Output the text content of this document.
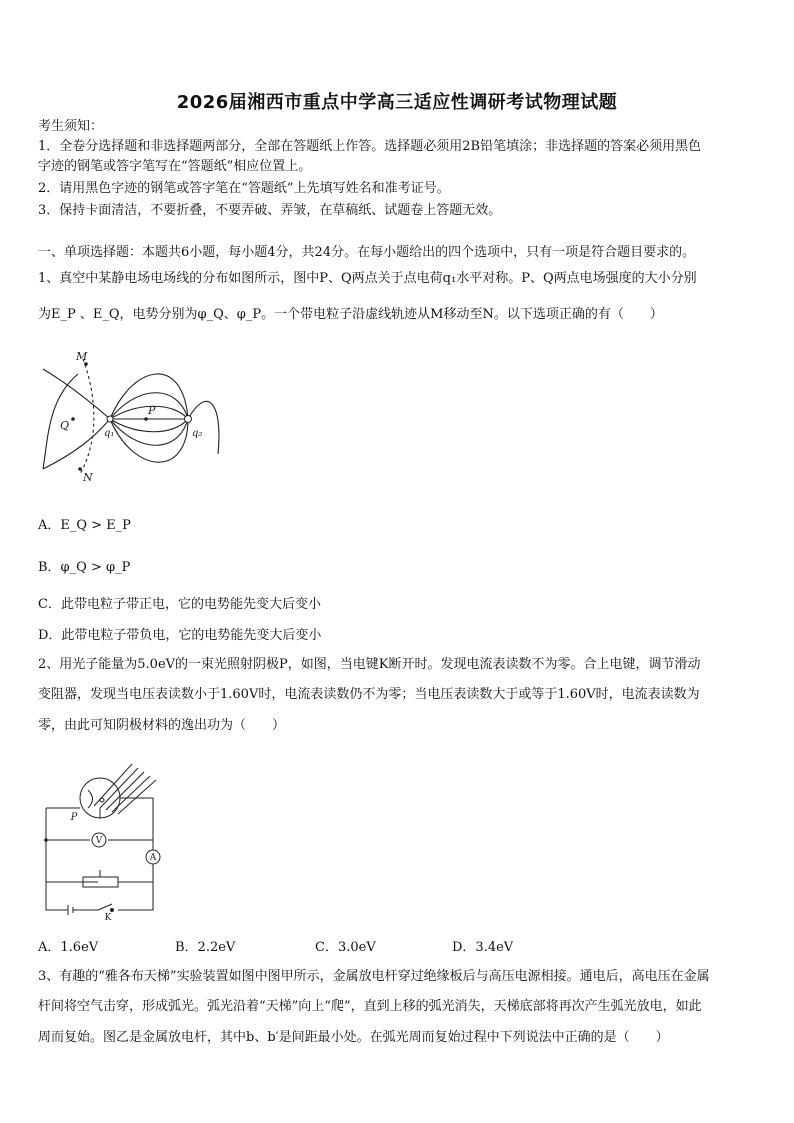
2026届湘西市重点中学高三适应性调研考试物理试题
考生须知：
1．全卷分选择题和非选择题两部分，全部在答题纸上作答。选择题必须用2B铅笔填涂；非选择题的答案必须用黑色
字迹的钢笔或答字笔写在“答题纸”相应位置上。
2．请用黑色字迹的钢笔或答字笔在“答题纸”上先填写姓名和准考证号。
3．保持卡面清洁，不要折叠，不要弄破、弄皱，在草稿纸、试题卷上答题无效。
一、单项选择题：本题共6小题，每小题4分，共24分。在每小题给出的四个选项中，只有一项是符合题目要求的。
1、真空中某静电场电场线的分布如图所示，图中P、Q两点关于点电荷q₁水平对称。P、Q两点电场强度的大小分别
为E_P 、E_Q，电势分别为φ_Q、φ_P。一个带电粒子沿虚线轨迹从M移动至N。以下选项正确的有（　　）
M
N
Q
P
q₁	q₂
A．E_Q > E_P
B．φ_Q > φ_P
C．此带电粒子带正电，它的电势能先变大后变小
D．此带电粒子带负电，它的电势能先变大后变小
2、用光子能量为5.0eV的一束光照射阴极P，如图，当电键K断开时。发现电流表读数不为零。合上电键，调节滑动
变阻器，发现当电压表读数小于1.60V时，电流表读数仍不为零；当电压表读数大于或等于1.60V时，电流表读数为
零，由此可知阴极材料的逸出功为（　　）
V
A
K
P
A．1.6eV	B．2.2eV	C．3.0eV	D．3.4eV
3、有趣的“雅各布天梯”实验装置如图中图甲所示，金属放电杆穿过绝缘板后与高压电源相接。通电后，高电压在金属
杆间将空气击穿，形成弧光。弧光沿着“天梯”向上“爬”，直到上移的弧光消失，天梯底部将再次产生弧光放电，如此
周而复始。图乙是金属放电杆，其中b、b′是间距最小处。在弧光周而复始过程中下列说法中正确的是（　　）
